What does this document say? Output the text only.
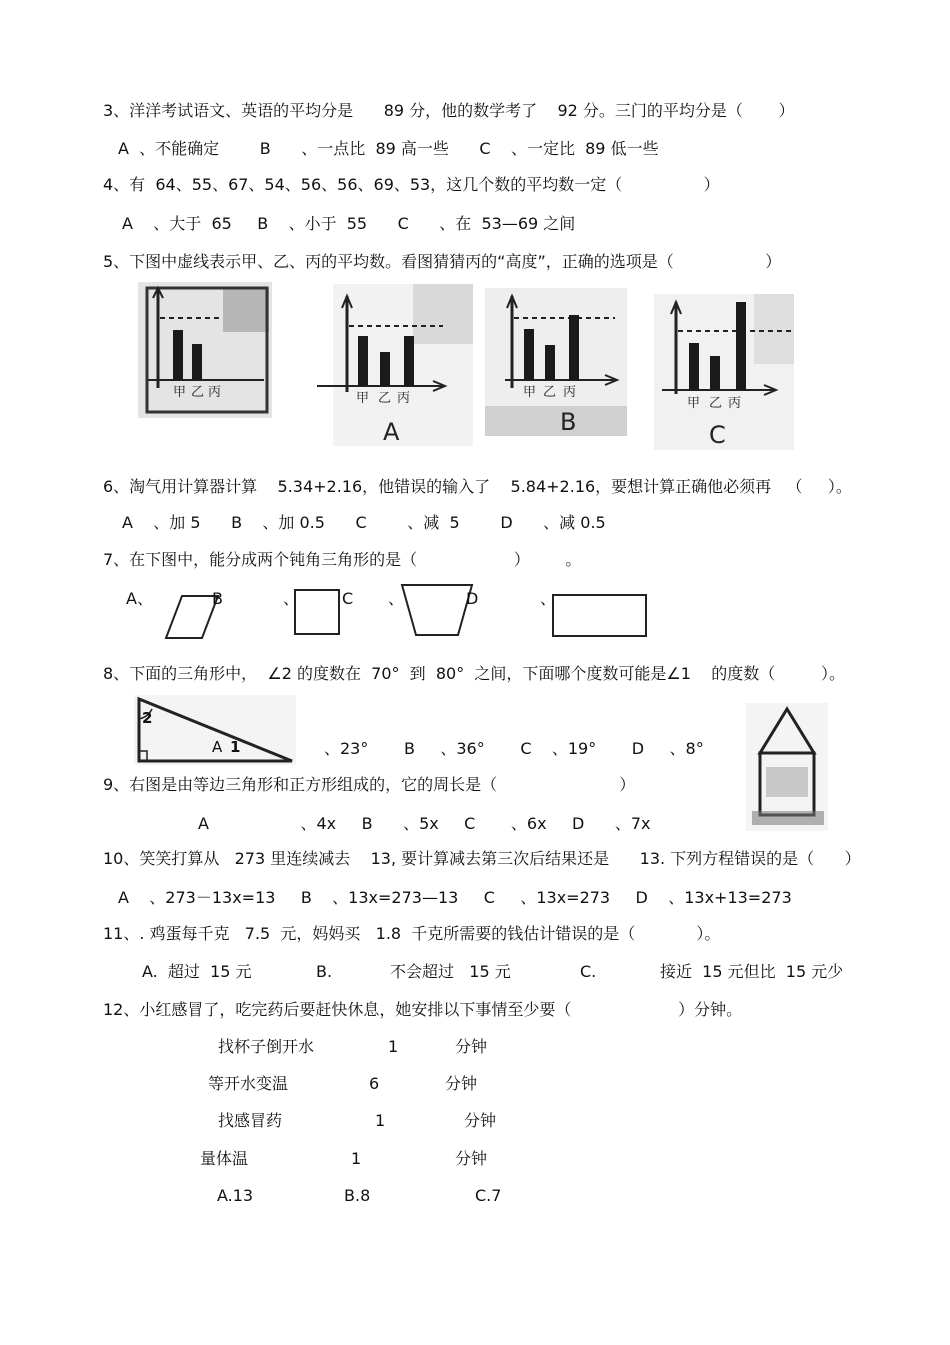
3、洋洋考试语文、英语的平均分是      89 分，他的数学考了    92 分。三门的平均分是（       ）
A  、不能确定        B      、一点比  89 高一些      C    、一定比  89 低一些
4、有  64、55、67、54、56、56、69、53，这几个数的平均数一定（                ）
A    、大于  65     B    、小于  55      C      、在  53—69 之间
5、下图中虚线表示甲、乙、丙的平均数。看图猜猜丙的“高度”，正确的选项是（                  ）
甲 乙 丙	甲 乙 丙
A
甲 乙 丙
B
甲 乙 丙
C
6、淘气用计算器计算    5.34+2.16，他错误的输入了    5.84+2.16，要想计算正确他必须再   （     ）。
A    、加 5      B    、加 0.5      C        、减  5        D      、减 0.5
7、在下图中，能分成两个钝角三角形的是（                   ）       。
A、	B	、	C 、	D	、
8、下面的三角形中，  ∠2 的度数在  70°  到  80°  之间，下面哪个度数可能是∠1    的度数（         ）。
2
A 1	、23°       B     、36°       C    、19°       D     、8°
9、右图是由等边三角形和正方形组成的，它的周长是（                        ）
A                  、4x     B      、5x     C       、6x     D      、7x
10、笑笑打算从   273 里连续减去    13, 要计算减去第三次后结果还是      13. 下列方程错误的是（      ）
A    、273－13x=13     B    、13x=273—13     C     、13x=273     D    、13x+13=273
11、. 鸡蛋每千克   7.5  元，妈妈买   1.8  千克所需要的钱估计错误的是（            ）。
A.  超过  15 元	B.	不会超过   15 元	C.	接近  15 元但比  15 元少
12、小红感冒了，吃完药后要赶快休息，她安排以下事情至少要（                     ）分钟。
找杯子倒开水	1	分钟
等开水变温	6	分钟
找感冒药	1	分钟
量体温	1	分钟
A.13	B.8	C.7
